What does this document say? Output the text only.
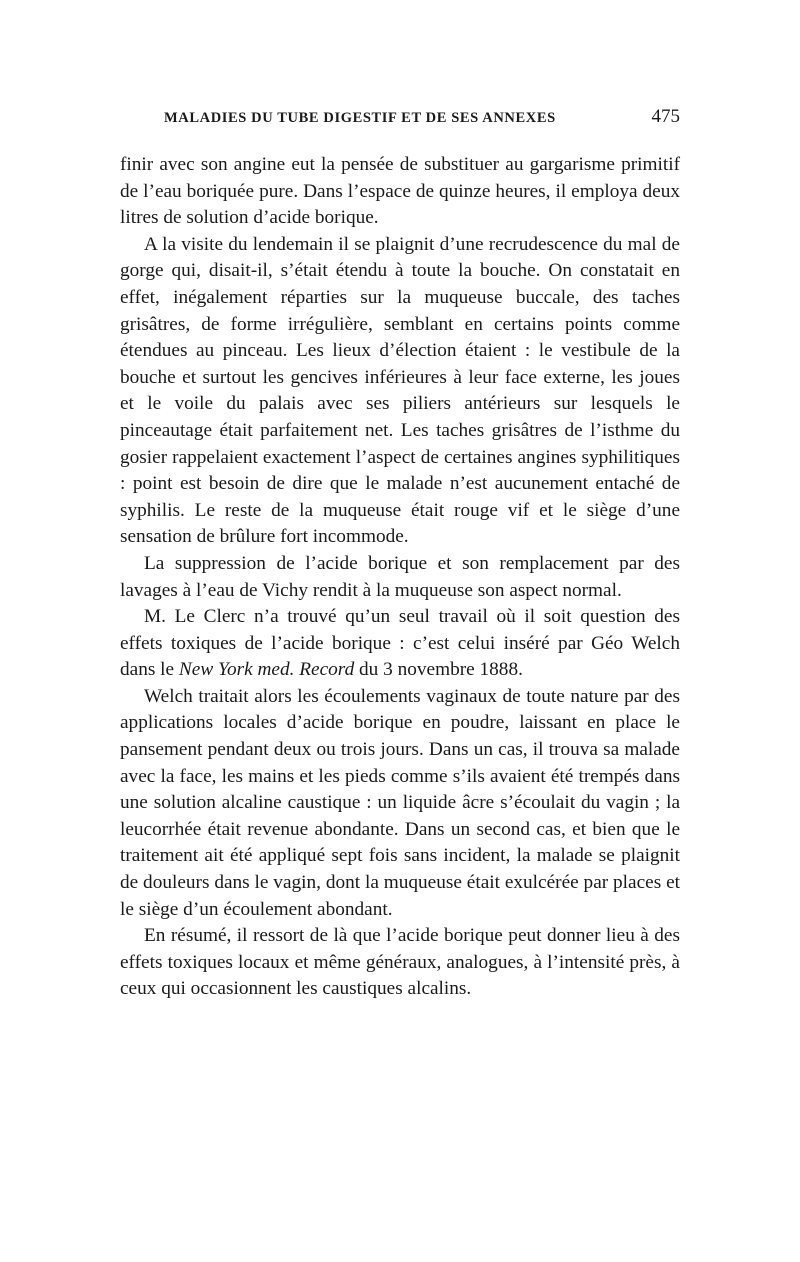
MALADIES DU TUBE DIGESTIF ET DE SES ANNEXES	475

finir avec son angine eut la pensée de substituer au gargarisme primitif de l’eau boriquée pure. Dans l’espace de quinze heures, il employa deux litres de solution d’acide borique.

A la visite du lendemain il se plaignit d’une recrudescence du mal de gorge qui, disait-il, s’était étendu à toute la bouche. On constatait en effet, inégalement réparties sur la muqueuse buccale, des taches grisâtres, de forme irrégulière, semblant en certains points comme étendues au pinceau. Les lieux d’élection étaient : le vestibule de la bouche et surtout les gencives inférieures à leur face externe, les joues et le voile du palais avec ses piliers antérieurs sur lesquels le pinceautage était parfaitement net. Les taches grisâtres de l’isthme du gosier rappelaient exactement l’aspect de certaines angines syphilitiques : point est besoin de dire que le malade n’est aucunement entaché de syphilis. Le reste de la muqueuse était rouge vif et le siège d’une sensation de brûlure fort incommode.

La suppression de l’acide borique et son remplacement par des lavages à l’eau de Vichy rendit à la muqueuse son aspect normal.

M. Le Clerc n’a trouvé qu’un seul travail où il soit question des effets toxiques de l’acide borique : c’est celui inséré par Géo Welch dans le New York med. Record du 3 novembre 1888.

Welch traitait alors les écoulements vaginaux de toute nature par des applications locales d’acide borique en poudre, laissant en place le pansement pendant deux ou trois jours. Dans un cas, il trouva sa malade avec la face, les mains et les pieds comme s’ils avaient été trempés dans une solution alcaline caustique : un liquide âcre s’écoulait du vagin ; la leucorrhée était revenue abondante. Dans un second cas, et bien que le traitement ait été appliqué sept fois sans incident, la malade se plaignit de douleurs dans le vagin, dont la muqueuse était exulcérée par places et le siège d’un écoulement abondant.

En résumé, il ressort de là que l’acide borique peut donner lieu à des effets toxiques locaux et même généraux, analogues, à l’intensité près, à ceux qui occasionnent les caustiques alcalins.
